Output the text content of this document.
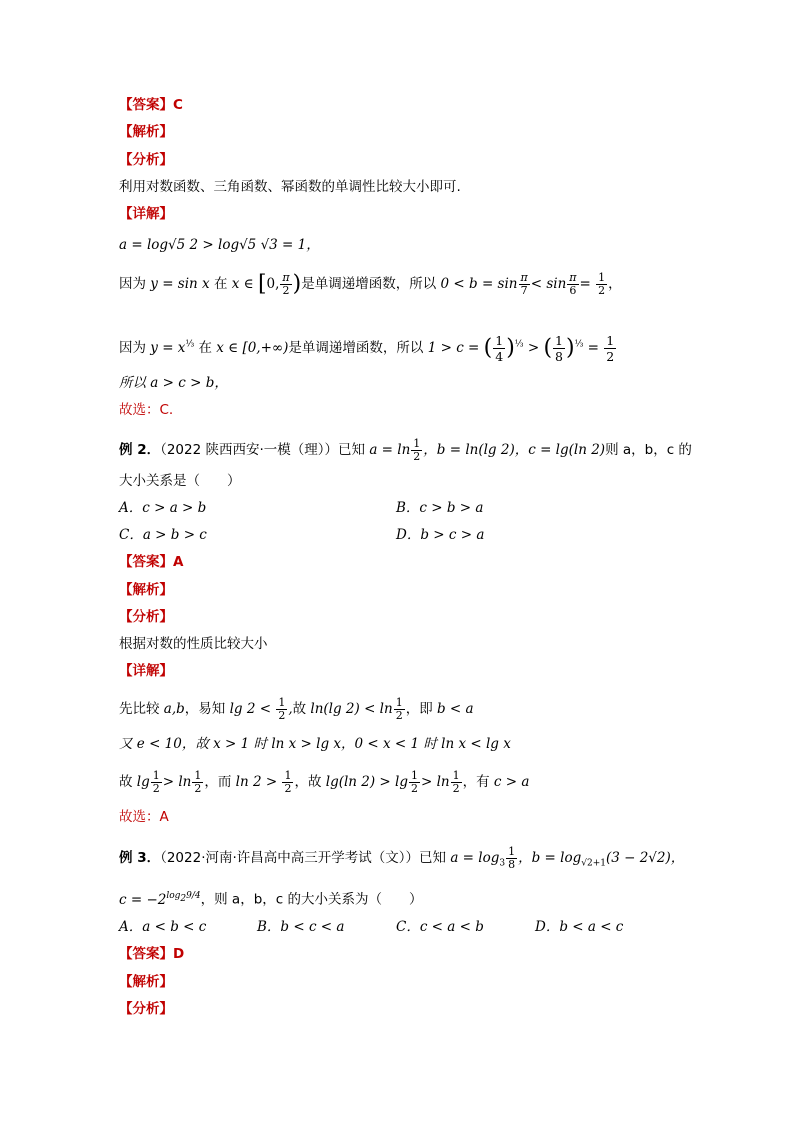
【答案】C
【解析】
【分析】
利用对数函数、三角函数、幂函数的单调性比较大小即可.
【详解】
a = log√5 2 > log√5 √3 = 1，
因为 y = sin x 在 x ∈ [0, $\frac{\pi}{2}$ )是单调递增函数，所以 $0 < b = \sin \frac{\pi}{7} < \sin \frac{\pi}{6} = \frac{1}{2}$ ，
因为 $y = x^{\frac{1}{3}}$ 在 x ∈ [0,+∞)是单调递增函数，所以 1 > c = ( $\frac{1}{4} )^{\frac{1}{3}}$ > ( $\frac{1}{8} )^{\frac{1}{3}} = \frac{1}{2}$
所以 a > c > b，
故选：C.
例 2．（2022 陕西西安·一模（理））已知 $a = \ln \frac{1}{2}$ ，b = ln(lg 2)，c = lg(ln 2)则 a，b，c 的
大小关系是（　　）
A．c > a > b	B．c > b > a
C．a > b > c	D．b > c > a
【答案】A
【解析】
【分析】
根据对数的性质比较大小
【详解】
先比较 a,b，易知 $\lg 2 < \frac{1}{2}$ ,故 ln(lg $2) < \ln \frac{1}{2}$ ，即 b < a
又 e < 10，故 x > 1 时 ln x > lg x，0 < x < 1 时 ln x < lg x
故 $\lg \frac{1}{2} > \ln \frac{1}{2}$ ，而 $\ln 2 > \frac{1}{2}$ ，故 lg(ln $2) > \lg \frac{1}{2} > \ln \frac{1}{2}$ ，有 c > a
故选：A
例 3．（2022·河南·许昌高中高三开学考试（文））已知 $a = \log_3 \frac{1}{8}$ ，$b = \log_{√2+1}(3 - 2√2)$，
$c = -2^{log_29/4}$，则 a，b，c 的大小关系为（　　）
A．a < b < c	B．b < c < a	C．c < a < b	D．b < a < c
【答案】D
【解析】
【分析】
